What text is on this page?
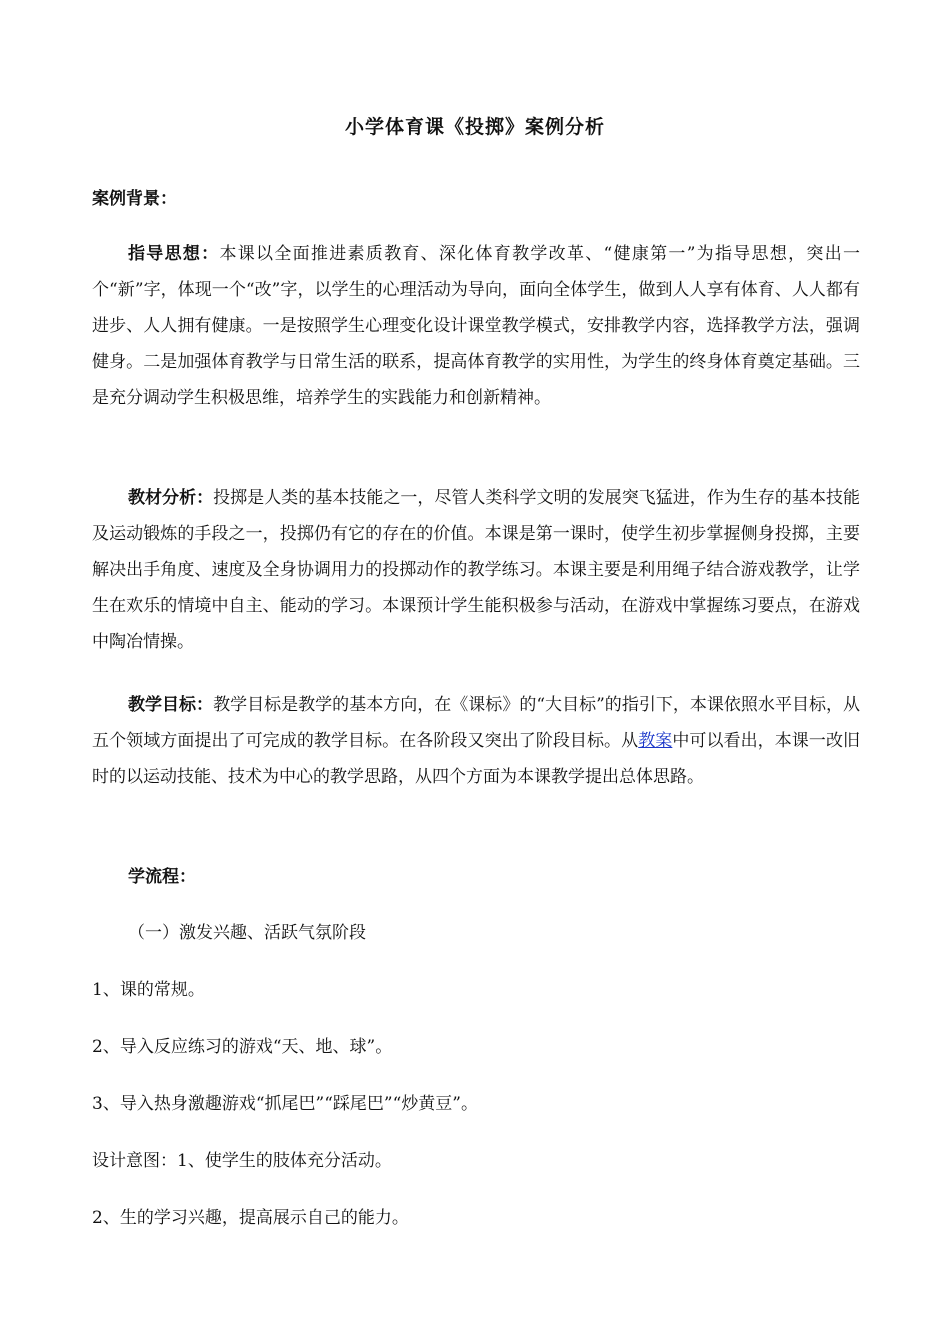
小学体育课《投掷》案例分析
案例背景：
指导思想：本课以全面推进素质教育、深化体育教学改革、“健康第一”为指导思想，突出一个“新”字，体现一个“改”字，以学生的心理活动为导向，面向全体学生，做到人人享有体育、人人都有进步、人人拥有健康。一是按照学生心理变化设计课堂教学模式，安排教学内容，选择教学方法，强调健身。二是加强体育教学与日常生活的联系，提高体育教学的实用性，为学生的终身体育奠定基础。三是充分调动学生积极思维，培养学生的实践能力和创新精神。
教材分析：投掷是人类的基本技能之一，尽管人类科学文明的发展突飞猛进，作为生存的基本技能及运动锻炼的手段之一，投掷仍有它的存在的价值。本课是第一课时，使学生初步掌握侧身投掷，主要解决出手角度、速度及全身协调用力的投掷动作的教学练习。本课主要是利用绳子结合游戏教学，让学生在欢乐的情境中自主、能动的学习。本课预计学生能积极参与活动，在游戏中掌握练习要点，在游戏中陶冶情操。
教学目标：教学目标是教学的基本方向，在《课标》的“大目标”的指引下，本课依照水平目标，从五个领域方面提出了可完成的教学目标。在各阶段又突出了阶段目标。从教案中可以看出，本课一改旧时的以运动技能、技术为中心的教学思路，从四个方面为本课教学提出总体思路。
学流程：
（一）激发兴趣、活跃气氛阶段
1、课的常规。
2、导入反应练习的游戏“天、地、球”。
3、导入热身激趣游戏“抓尾巴”“踩尾巴”“炒黄豆”。
设计意图：1、使学生的肢体充分活动。
2、生的学习兴趣，提高展示自己的能力。
